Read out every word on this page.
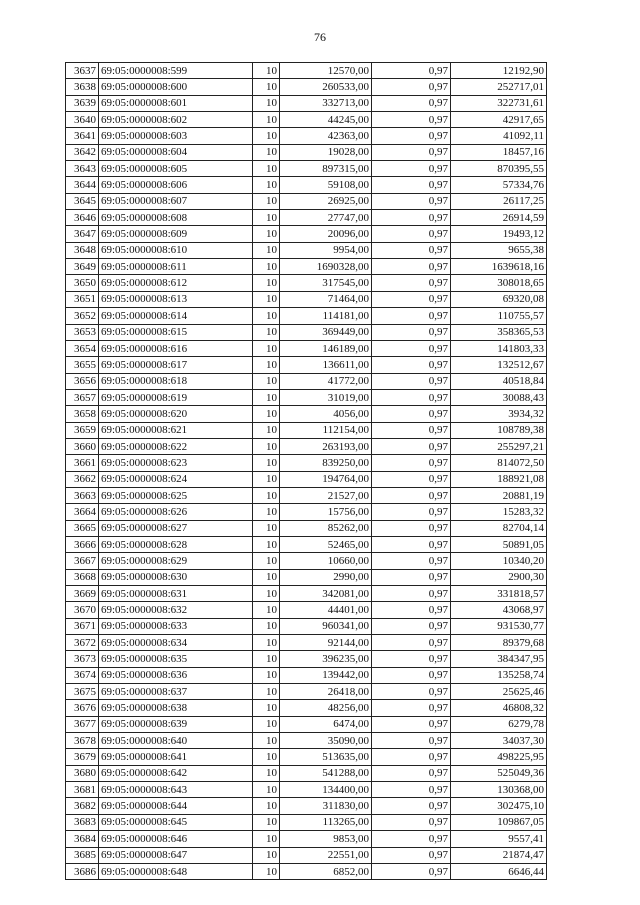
76
3637	69:05:0000008:599	10	12570,00	0,97	12192,90
3638	69:05:0000008:600	10	260533,00	0,97	252717,01
3639	69:05:0000008:601	10	332713,00	0,97	322731,61
3640	69:05:0000008:602	10	44245,00	0,97	42917,65
3641	69:05:0000008:603	10	42363,00	0,97	41092,11
3642	69:05:0000008:604	10	19028,00	0,97	18457,16
3643	69:05:0000008:605	10	897315,00	0,97	870395,55
3644	69:05:0000008:606	10	59108,00	0,97	57334,76
3645	69:05:0000008:607	10	26925,00	0,97	26117,25
3646	69:05:0000008:608	10	27747,00	0,97	26914,59
3647	69:05:0000008:609	10	20096,00	0,97	19493,12
3648	69:05:0000008:610	10	9954,00	0,97	9655,38
3649	69:05:0000008:611	10	1690328,00	0,97	1639618,16
3650	69:05:0000008:612	10	317545,00	0,97	308018,65
3651	69:05:0000008:613	10	71464,00	0,97	69320,08
3652	69:05:0000008:614	10	114181,00	0,97	110755,57
3653	69:05:0000008:615	10	369449,00	0,97	358365,53
3654	69:05:0000008:616	10	146189,00	0,97	141803,33
3655	69:05:0000008:617	10	136611,00	0,97	132512,67
3656	69:05:0000008:618	10	41772,00	0,97	40518,84
3657	69:05:0000008:619	10	31019,00	0,97	30088,43
3658	69:05:0000008:620	10	4056,00	0,97	3934,32
3659	69:05:0000008:621	10	112154,00	0,97	108789,38
3660	69:05:0000008:622	10	263193,00	0,97	255297,21
3661	69:05:0000008:623	10	839250,00	0,97	814072,50
3662	69:05:0000008:624	10	194764,00	0,97	188921,08
3663	69:05:0000008:625	10	21527,00	0,97	20881,19
3664	69:05:0000008:626	10	15756,00	0,97	15283,32
3665	69:05:0000008:627	10	85262,00	0,97	82704,14
3666	69:05:0000008:628	10	52465,00	0,97	50891,05
3667	69:05:0000008:629	10	10660,00	0,97	10340,20
3668	69:05:0000008:630	10	2990,00	0,97	2900,30
3669	69:05:0000008:631	10	342081,00	0,97	331818,57
3670	69:05:0000008:632	10	44401,00	0,97	43068,97
3671	69:05:0000008:633	10	960341,00	0,97	931530,77
3672	69:05:0000008:634	10	92144,00	0,97	89379,68
3673	69:05:0000008:635	10	396235,00	0,97	384347,95
3674	69:05:0000008:636	10	139442,00	0,97	135258,74
3675	69:05:0000008:637	10	26418,00	0,97	25625,46
3676	69:05:0000008:638	10	48256,00	0,97	46808,32
3677	69:05:0000008:639	10	6474,00	0,97	6279,78
3678	69:05:0000008:640	10	35090,00	0,97	34037,30
3679	69:05:0000008:641	10	513635,00	0,97	498225,95
3680	69:05:0000008:642	10	541288,00	0,97	525049,36
3681	69:05:0000008:643	10	134400,00	0,97	130368,00
3682	69:05:0000008:644	10	311830,00	0,97	302475,10
3683	69:05:0000008:645	10	113265,00	0,97	109867,05
3684	69:05:0000008:646	10	9853,00	0,97	9557,41
3685	69:05:0000008:647	10	22551,00	0,97	21874,47
3686	69:05:0000008:648	10	6852,00	0,97	6646,44
